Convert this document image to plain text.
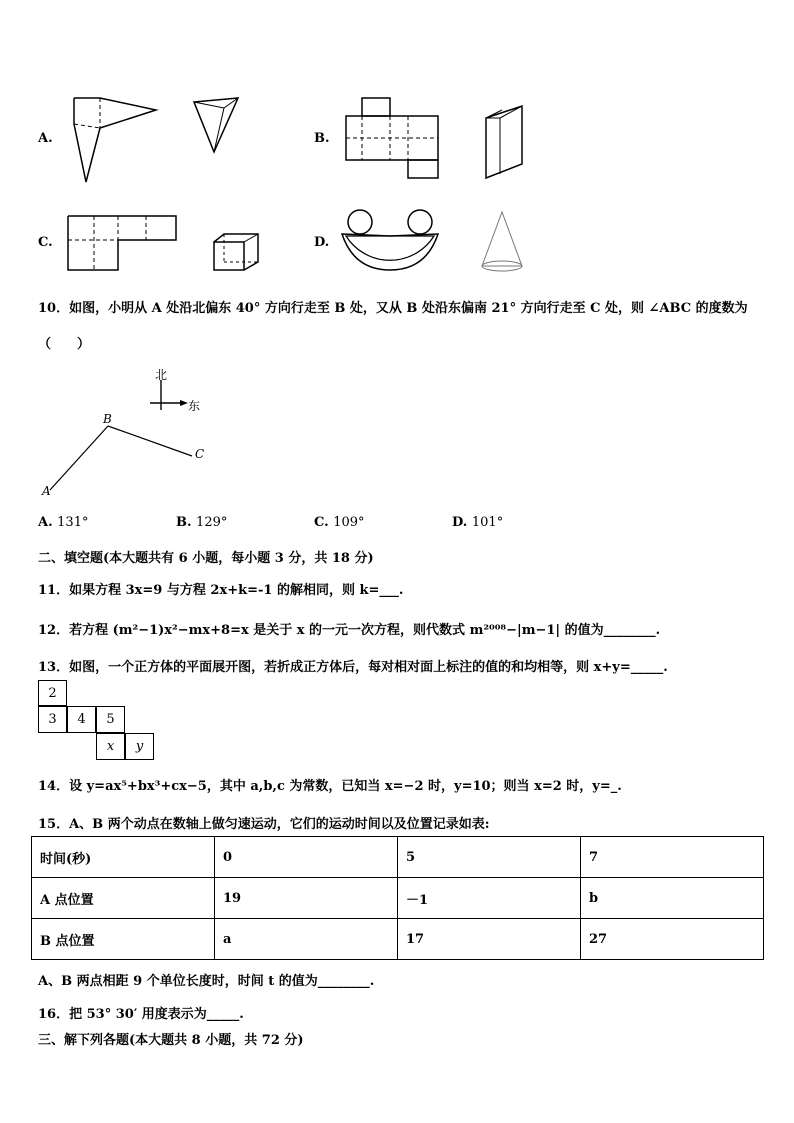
A.	B.
C.	D.
10．如图，小明从 A 处沿北偏东 40° 方向行走至 B 处，又从 B 处沿东偏南 21° 方向行走至 C 处，则 ∠ABC 的度数为
（　　）
北
东
A
B
C
A. 131°	B. 129°	C. 109°	D. 101°
二、填空题(本大题共有 6 小题，每小题 3 分，共 18 分)
11．如果方程 3x=9 与方程 2x+k=-1 的解相同，则 k=___.
12．若方程 (m²−1)x²−mx+8=x 是关于 x 的一元一次方程，则代数式 m²⁰⁰⁸−|m−1| 的值为________.
13．如图，一个正方体的平面展开图，若折成正方体后，每对相对面上标注的值的和均相等，则 x+y=_____.
2
3	4	5
x	y
14．设 y=ax⁵+bx³+cx−5，其中 a,b,c 为常数，已知当 x=−2 时，y=10；则当 x=2 时，y=_.
15．A、B 两个动点在数轴上做匀速运动，它们的运动时间以及位置记录如表:
时间(秒)	0	5	7
A 点位置	19	－1	b
B 点位置	a	17	27
A、B 两点相距 9 个单位长度时，时间 t 的值为________.
16．把 53° 30′ 用度表示为_____.
三、解下列各题(本大题共 8 小题，共 72 分)
